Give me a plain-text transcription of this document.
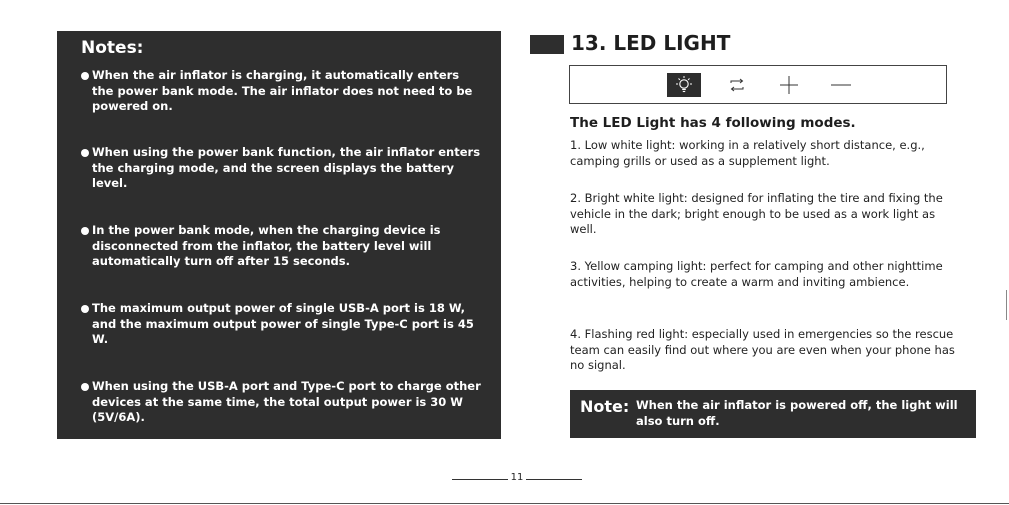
Notes:
When the air inflator is charging, it automatically enters the power bank mode. The air inflator does not need to be powered on.
When using the power bank function, the air inflator enters the charging mode, and the screen displays the battery level.
In the power bank mode, when the charging device is disconnected from the inflator, the battery level will automatically turn off after 15 seconds.
The maximum output power of single USB-A port is 18 W, and the maximum output power of single Type-C port is 45 W.
When using the USB-A port and Type-C port to charge other devices at the same time, the total output power is 30 W (5V/6A).
13. LED LIGHT
The LED Light has 4 following modes.
1. Low white light: working in a relatively short distance, e.g., camping grills or used as a supplement light.
2. Bright white light: designed for inflating the tire and fixing the vehicle in the dark; bright enough to be used as a work light as well.
3. Yellow camping light: perfect for camping and other nighttime activities, helping to create a warm and inviting ambience.
4. Flashing red light: especially used in emergencies so the rescue team can easily find out where you are even when your phone has no signal.
Note: When the air inflator is powered off, the light will also turn off.
11
